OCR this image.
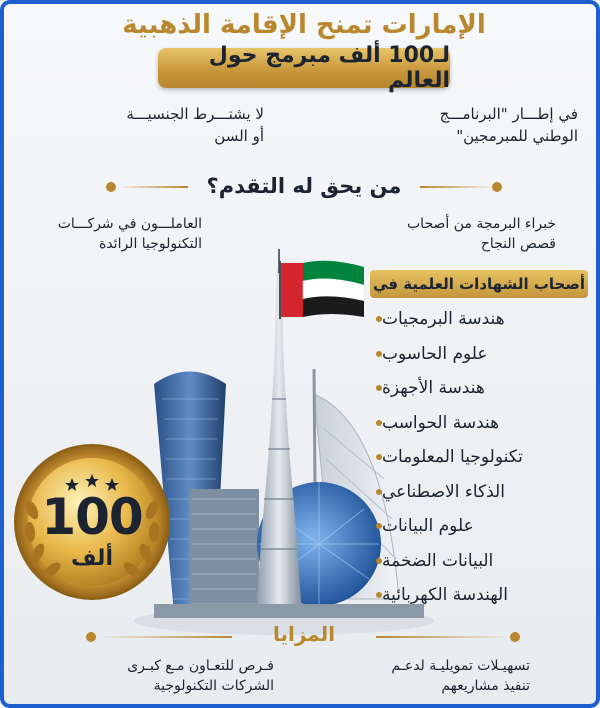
الإمارات تمنح الإقامة الذهبية
لـ100 ألف مبرمج حول العالم
في إطـــار "البرنامـــج
الوطني للمبرمجين"
لا يشتـــرط الجنسيـــة
أو السن
من يحق له التقدم؟
خبراء البرمجة من أصحاب
قصص النجاح
العاملـــون في شركـــات
التكنولوجيا الرائدة
أصحاب الشهادات العلمية في
هندسة البرمجيات
علوم الحاسوب
هندسة الأجهزة
هندسة الحواسب
تكنولوجيا المعلومات
الذكاء الاصطناعي
علوم البيانات
البيانات الضخمة
الهندسة الكهربائية
100
ألف
المزايا
فـرص للتعـاون مـع كبـرى
الشركات التكنولوجية
تسهيـلات تمويليـة لدعـم
تنفيذ مشاريعهم
